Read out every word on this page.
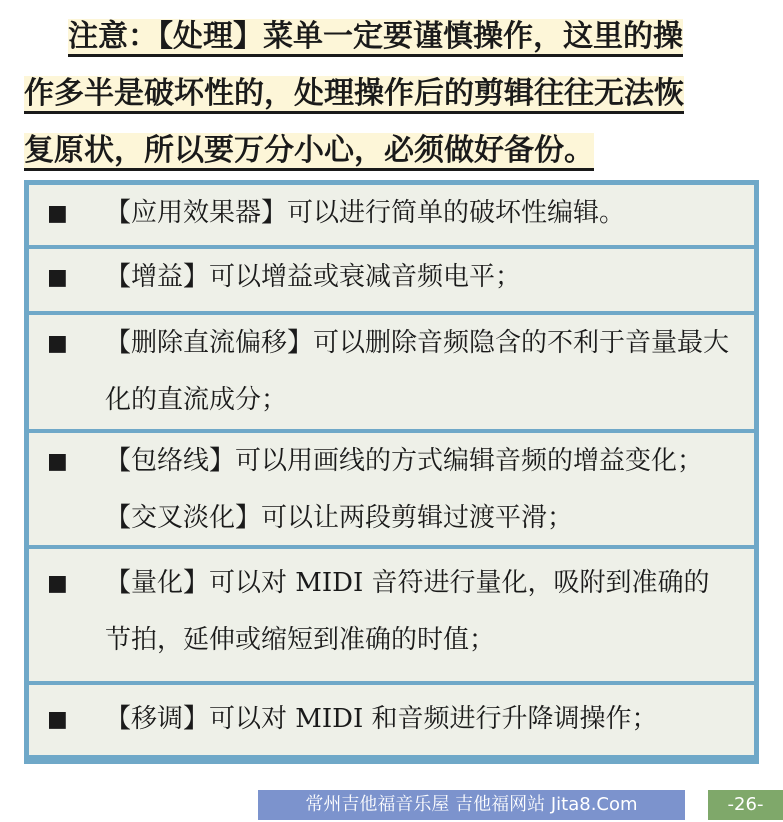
注意：【处理】菜单一定要谨慎操作，这里的操
作多半是破坏性的，处理操作后的剪辑往往无法恢
复原状，所以要万分小心，必须做好备份。
■	【应用效果器】可以进行简单的破坏性编辑。
■	【增益】可以增益或衰减音频电平；
■	【删除直流偏移】可以删除音频隐含的不利于音量最大化的直流成分；
■	【包络线】可以用画线的方式编辑音频的增益变化；【交叉淡化】可以让两段剪辑过渡平滑；
■	【量化】可以对 MIDI 音符进行量化，吸附到准确的节拍，延伸或缩短到准确的时值；
■	【移调】可以对 MIDI 和音频进行升降调操作；
常州吉他福音乐屋 吉他福网站 Jita8.Com	-26-
